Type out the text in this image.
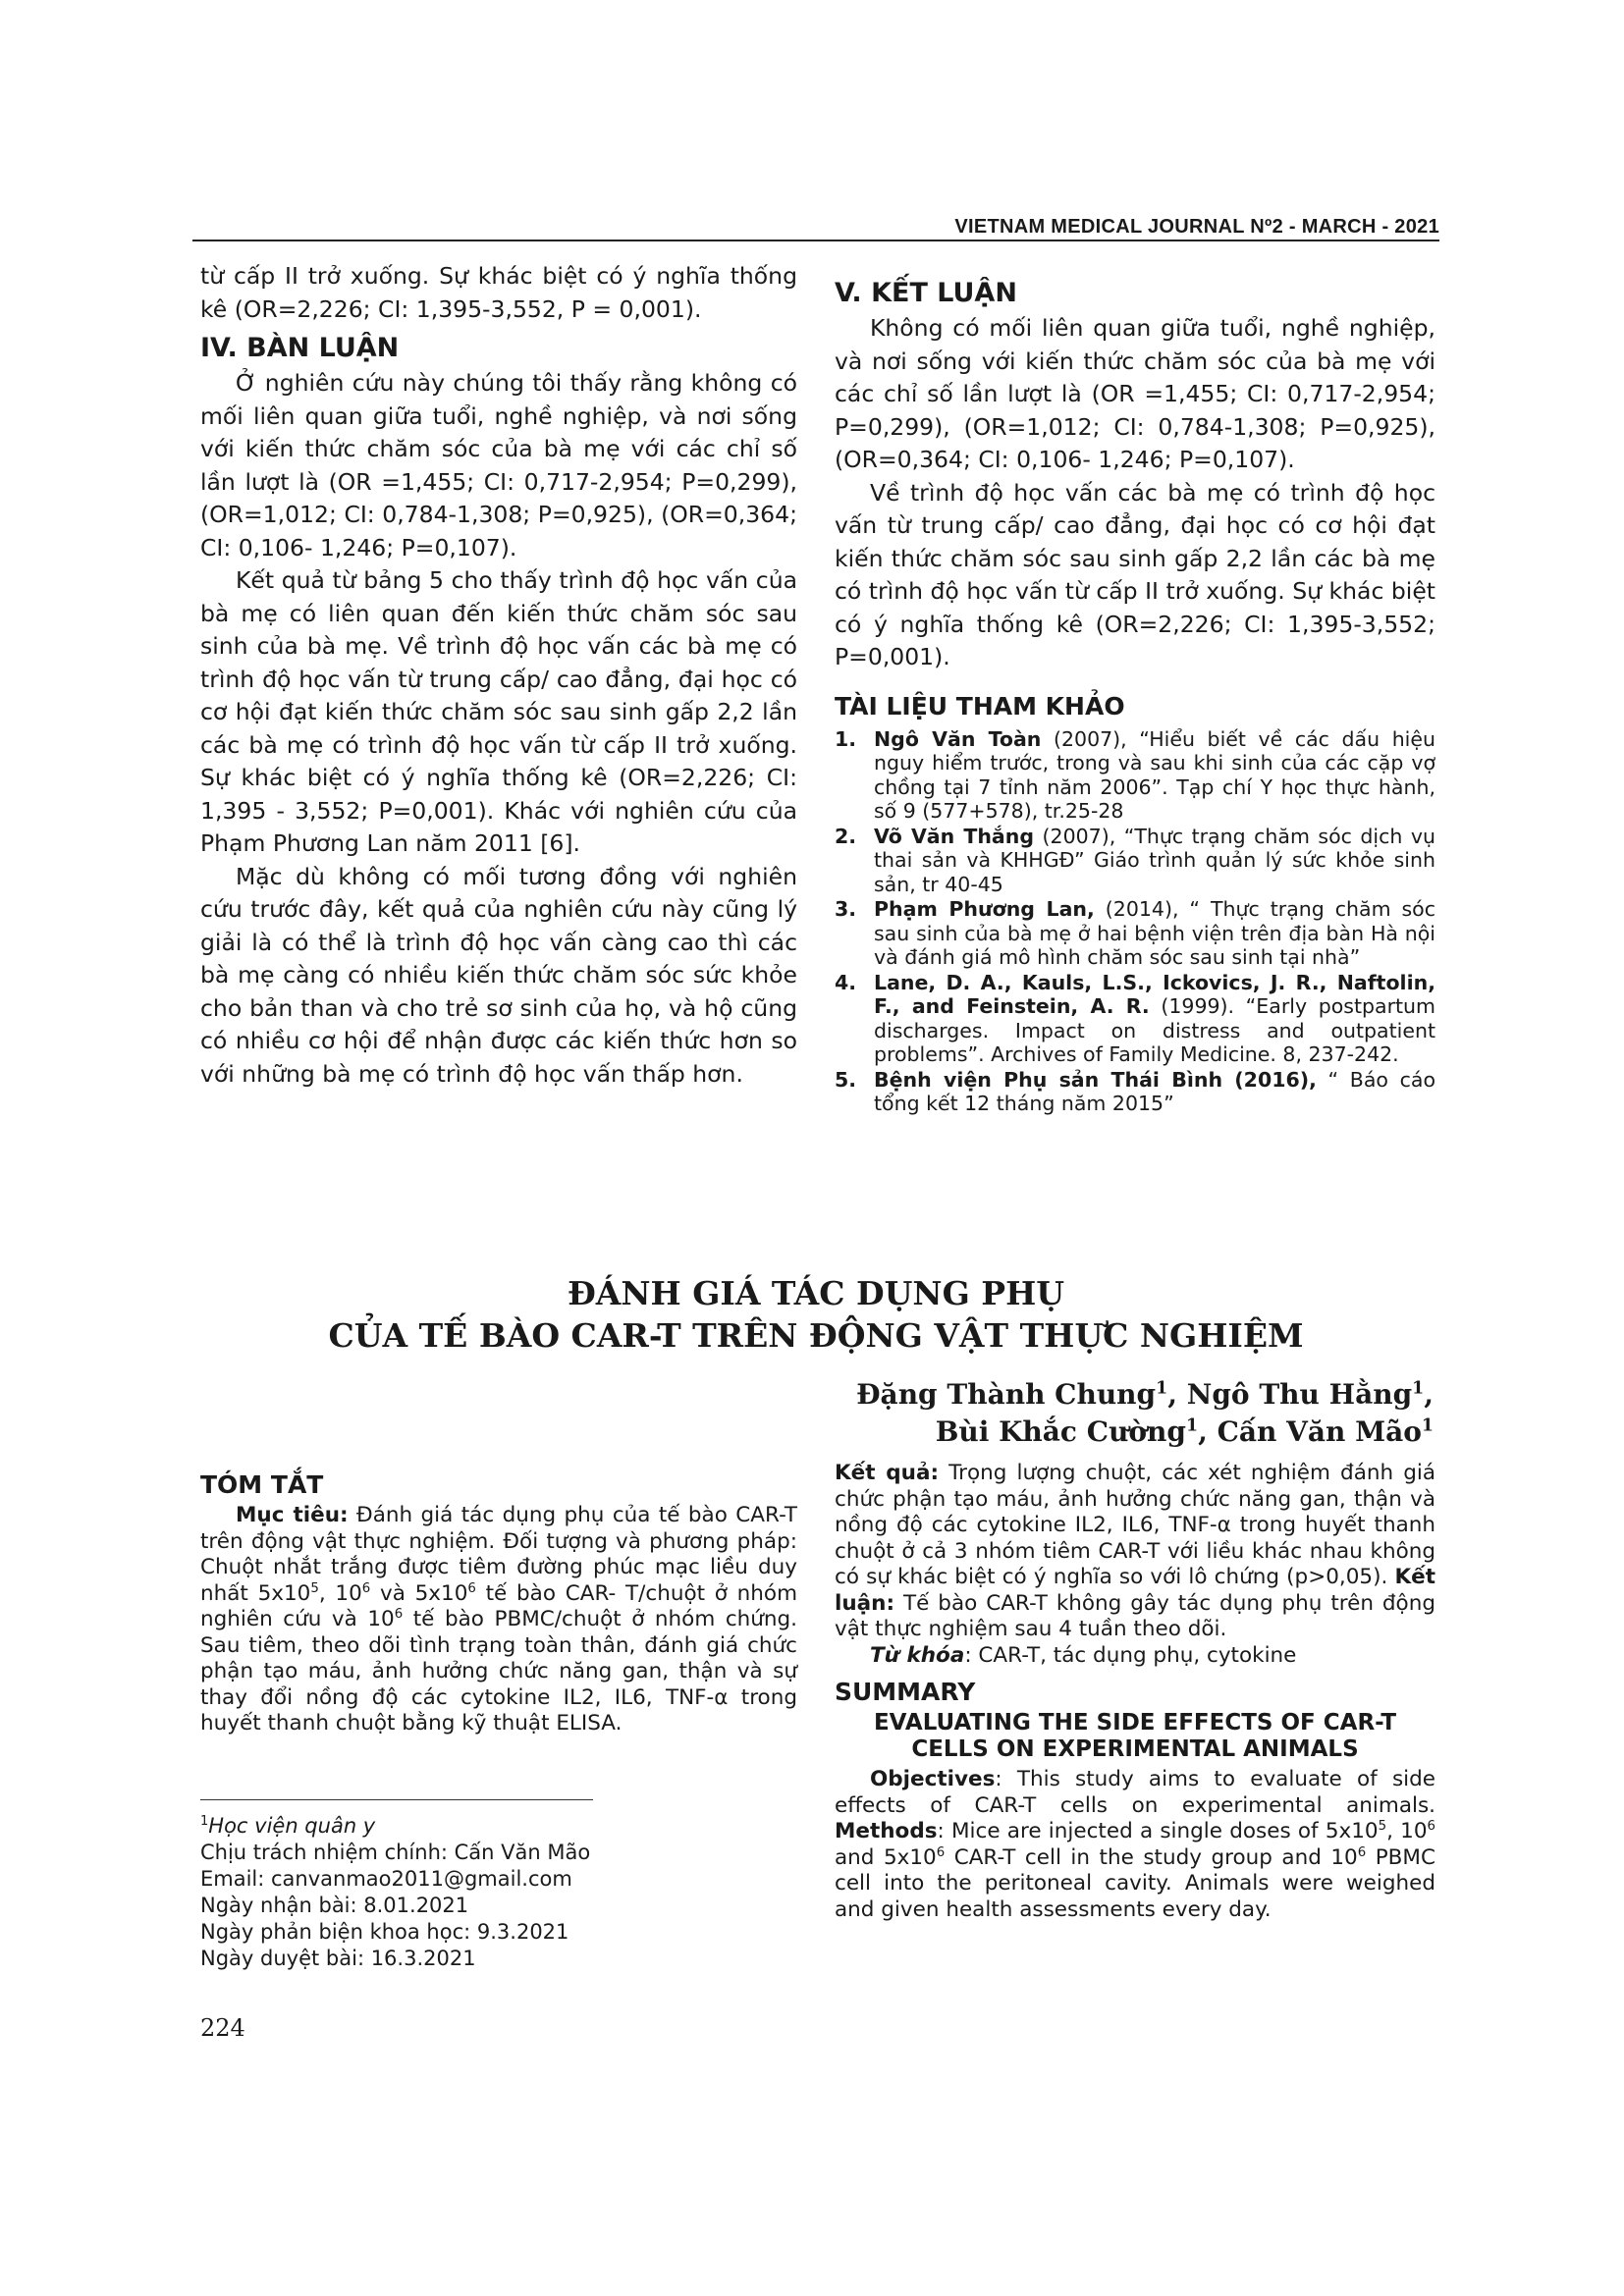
VIETNAM MEDICAL JOURNAL Nº2 - MARCH - 2021

từ cấp II trở xuống. Sự khác biệt có ý nghĩa thống kê (OR=2,226; CI: 1,395-3,552, P = 0,001).

IV. BÀN LUẬN

Ở nghiên cứu này chúng tôi thấy rằng không có mối liên quan giữa tuổi, nghề nghiệp, và nơi sống với kiến thức chăm sóc của bà mẹ với các chỉ số lần lượt là (OR =1,455; CI: 0,717-2,954; P=0,299), (OR=1,012; CI: 0,784-1,308; P=0,925), (OR=0,364; CI: 0,106- 1,246; P=0,107).

Kết quả từ bảng 5 cho thấy trình độ học vấn của bà mẹ có liên quan đến kiến thức chăm sóc sau sinh của bà mẹ. Về trình độ học vấn các bà mẹ có trình độ học vấn từ trung cấp/ cao đẳng, đại học có cơ hội đạt kiến thức chăm sóc sau sinh gấp 2,2 lần các bà mẹ có trình độ học vấn từ cấp II trở xuống. Sự khác biệt có ý nghĩa thống kê (OR=2,226; CI: 1,395 - 3,552; P=0,001). Khác với nghiên cứu của Phạm Phương Lan năm 2011 [6].

Mặc dù không có mối tương đồng với nghiên cứu trước đây, kết quả của nghiên cứu này cũng lý giải là có thể là trình độ học vấn càng cao thì các bà mẹ càng có nhiều kiến thức chăm sóc sức khỏe cho bản than và cho trẻ sơ sinh của họ, và hộ cũng có nhiều cơ hội để nhận được các kiến thức hơn so với những bà mẹ có trình độ học vấn thấp hơn.

V. KẾT LUẬN

Không có mối liên quan giữa tuổi, nghề nghiệp, và nơi sống với kiến thức chăm sóc của bà mẹ với các chỉ số lần lượt là (OR =1,455; CI: 0,717-2,954; P=0,299), (OR=1,012; CI: 0,784-1,308; P=0,925), (OR=0,364; CI: 0,106- 1,246; P=0,107).

Về trình độ học vấn các bà mẹ có trình độ học vấn từ trung cấp/ cao đẳng, đại học có cơ hội đạt kiến thức chăm sóc sau sinh gấp 2,2 lần các bà mẹ có trình độ học vấn từ cấp II trở xuống. Sự khác biệt có ý nghĩa thống kê (OR=2,226; CI: 1,395-3,552; P=0,001).

TÀI LIỆU THAM KHẢO
1. Ngô Văn Toàn (2007), “Hiểu biết về các dấu hiệu nguy hiểm trước, trong và sau khi sinh của các cặp vợ chồng tại 7 tỉnh năm 2006”. Tạp chí Y học thực hành, số 9 (577+578), tr.25-28
2. Võ Văn Thắng (2007), “Thực trạng chăm sóc dịch vụ thai sản và KHHGĐ” Giáo trình quản lý sức khỏe sinh sản, tr 40-45
3. Phạm Phương Lan, (2014), “ Thực trạng chăm sóc sau sinh của bà mẹ ở hai bệnh viện trên địa bàn Hà nội và đánh giá mô hình chăm sóc sau sinh tại nhà”
4. Lane, D. A., Kauls, L.S., Ickovics, J. R., Naftolin, F., and Feinstein, A. R. (1999). “Early postpartum discharges. Impact on distress and outpatient problems”. Archives of Family Medicine. 8, 237-242.
5. Bệnh viện Phụ sản Thái Bình (2016), “ Báo cáo tổng kết 12 tháng năm 2015”
ĐÁNH GIÁ TÁC DỤNG PHỤ
CỦA TẾ BÀO CAR-T TRÊN ĐỘNG VẬT THỰC NGHIỆM
Đặng Thành Chung$^1$, Ngô Thu Hằng$^1$,
Bùi Khắc Cường$^1$, Cấn Văn Mão$^1$
TÓM TẮT

Mục tiêu: Đánh giá tác dụng phụ của tế bào CAR-T trên động vật thực nghiệm. Đối tượng và phương pháp: Chuột nhắt trắng được tiêm đường phúc mạc liều duy nhất $5x10^5$, $10^6$ và $5x10^6$ tế bào CAR- T/chuột ở nhóm nghiên cứu và $10^6$ tế bào PBMC/chuột ở nhóm chứng. Sau tiêm, theo dõi tình trạng toàn thân, đánh giá chức phận tạo máu, ảnh hưởng chức năng gan, thận và sự thay đổi nồng độ các cytokine IL2, IL6, TNF-α trong huyết thanh chuột bằng kỹ thuật ELISA.

$^1$Học viện quân y
Chịu trách nhiệm chính: Cấn Văn Mão
Email: canvanmao2011@gmail.com
Ngày nhận bài: 8.01.2021
Ngày phản biện khoa học: 9.3.2021
Ngày duyệt bài: 16.3.2021
224

Kết quả: Trọng lượng chuột, các xét nghiệm đánh giá chức phận tạo máu, ảnh hưởng chức năng gan, thận và nồng độ các cytokine IL2, IL6, TNF-α trong huyết thanh chuột ở cả 3 nhóm tiêm CAR-T với liều khác nhau không có sự khác biệt có ý nghĩa so với lô chứng (p>0,05). Kết luận: Tế bào CAR-T không gây tác dụng phụ trên động vật thực nghiệm sau 4 tuần theo dõi.

Từ khóa: CAR-T, tác dụng phụ, cytokine

SUMMARY

EVALUATING THE SIDE EFFECTS OF CAR-T
CELLS ON EXPERIMENTAL ANIMALS

Objectives: This study aims to evaluate of side effects of CAR-T cells on experimental animals. Methods: Mice are injected a single doses of $5x10^5$, $10^6$ and $5x10^6$ CAR-T cell in the study group and $10^6$ PBMC cell into the peritoneal cavity. Animals were weighed and given health assessments every day.
